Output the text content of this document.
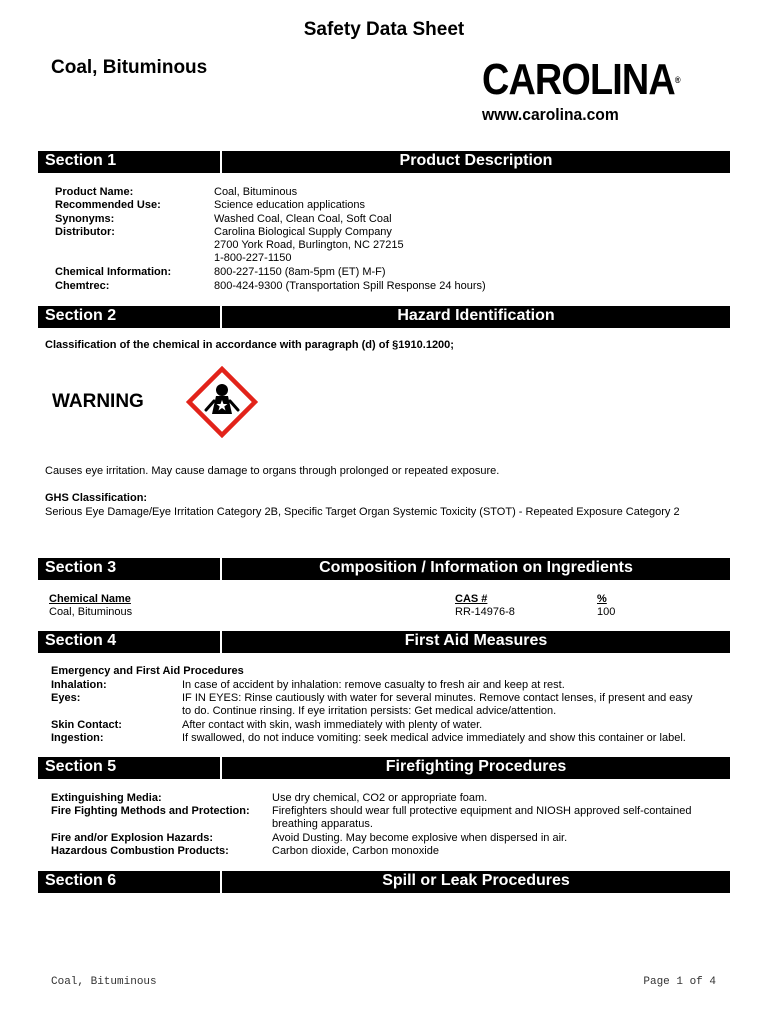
Safety Data Sheet
Coal, Bituminous	CAROLINA®
www.carolina.com
Section 1	Product Description
Product Name:	Coal, Bituminous
Recommended Use:	Science education applications
Synonyms:	Washed Coal, Clean Coal, Soft Coal
Distributor:	Carolina Biological Supply Company
2700 York Road, Burlington, NC 27215
1-800-227-1150
Chemical Information:	800-227-1150 (8am-5pm (ET) M-F)
Chemtrec:	800-424-9300 (Transportation Spill Response 24 hours)
Section 2	Hazard Identification
Classification of the chemical in accordance with paragraph (d) of §1910.1200;
WARNING
Causes eye irritation. May cause damage to organs through prolonged or repeated exposure.
GHS Classification:
Serious Eye Damage/Eye Irritation Category 2B, Specific Target Organ Systemic Toxicity (STOT) - Repeated Exposure Category 2
Section 3	Composition / Information on Ingredients
Chemical Name	CAS #	%
Coal, Bituminous	RR-14976-8	100
Section 4	First Aid Measures
Emergency and First Aid Procedures
Inhalation:	In case of accident by inhalation: remove casualty to fresh air and keep at rest.
Eyes:	IF IN EYES: Rinse cautiously with water for several minutes. Remove contact lenses, if present and easy
to do. Continue rinsing. If eye irritation persists: Get medical advice/attention.
Skin Contact:	After contact with skin, wash immediately with plenty of water.
Ingestion:	If swallowed, do not induce vomiting: seek medical advice immediately and show this container or label.
Section 5	Firefighting Procedures
Extinguishing Media:	Use dry chemical, CO2 or appropriate foam.
Fire Fighting Methods and Protection: Firefighters should wear full protective equipment and NIOSH approved self-contained
breathing apparatus.
Fire and/or Explosion Hazards:	Avoid Dusting. May become explosive when dispersed in air.
Hazardous Combustion Products:	Carbon dioxide, Carbon monoxide
Section 6	Spill or Leak Procedures
Coal, Bituminous	Page 1 of 4
